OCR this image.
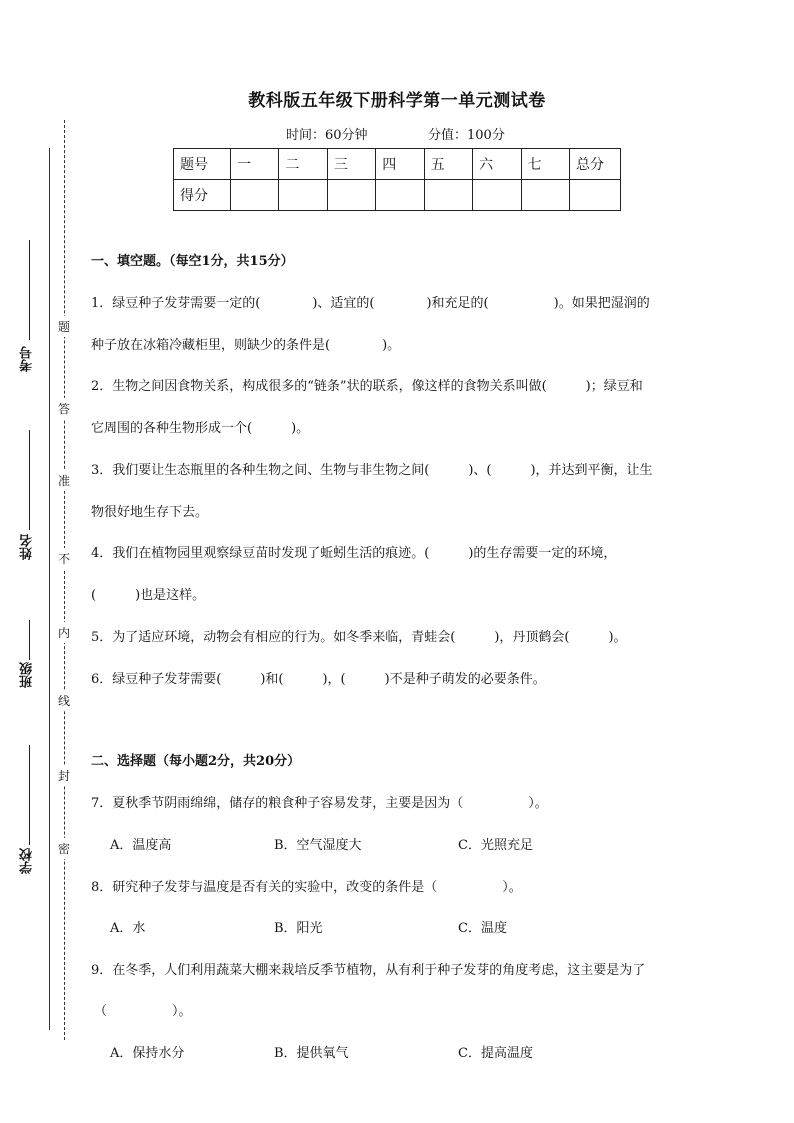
教科版五年级下册科学第一单元测试卷
时间：60分钟	分值：100分
题号	一	二	三	四	五	六	七	总分
得分								
考号
姓名
班级
学校
题
答
准
不
内
线
封
密
一、填空题。（每空1分，共15分）
1．绿豆种子发芽需要一定的(　　　　)、适宜的(　　　　)和充足的(　　　　　)。如果把湿润的
种子放在冰箱冷藏柜里，则缺少的条件是(　　　　)。
2．生物之间因食物关系，构成很多的“链条”状的联系，像这样的食物关系叫做(　　　)；绿豆和
它周围的各种生物形成一个(　　　)。
3．我们要让生态瓶里的各种生物之间、生物与非生物之间(　　　)、(　　　)，并达到平衡，让生
物很好地生存下去。
4．我们在植物园里观察绿豆苗时发现了蚯蚓生活的痕迹。(　　　)的生存需要一定的环境，
(　　　)也是这样。
5．为了适应环境，动物会有相应的行为。如冬季来临，青蛙会(　　　)，丹顶鹤会(　　　)。
6．绿豆种子发芽需要(　　　)和(　　　)，(　　　)不是种子萌发的必要条件。
二、选择题（每小题2分，共20分）
7．夏秋季节阴雨绵绵，储存的粮食种子容易发芽，主要是因为（　　　　　）。
A．温度高	B．空气湿度大	C．光照充足
8．研究种子发芽与温度是否有关的实验中，改变的条件是（　　　　　）。
A．水	B．阳光	C．温度
9．在冬季，人们利用蔬菜大棚来栽培反季节植物，从有利于种子发芽的角度考虑，这主要是为了
（　　　　　）。
A．保持水分	B．提供氧气	C．提高温度
